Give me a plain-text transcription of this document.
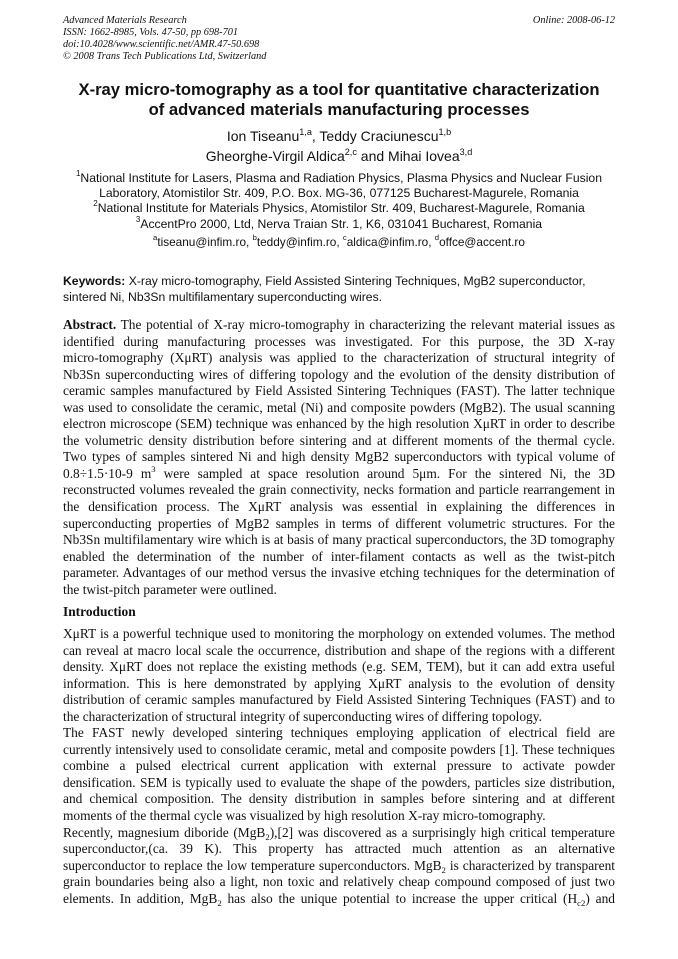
Advanced Materials Research
ISSN: 1662-8985, Vols. 47-50, pp 698-701
doi:10.4028/www.scientific.net/AMR.47-50.698
© 2008 Trans Tech Publications Ltd, Switzerland
Online: 2008-06-12
X-ray micro-tomography as a tool for quantitative characterization
of advanced materials manufacturing processes
Ion Tiseanu$^{1,a}$, Teddy Craciunescu$^{1,b}$
Gheorghe-Virgil Aldica$^{2,c}$ and Mihai Iovea$^{3,d}$
$^1$National Institute for Lasers, Plasma and Radiation Physics, Plasma Physics and Nuclear Fusion
Laboratory, Atomistilor Str. 409, P.O. Box. MG-36, 077125 Bucharest-Magurele, Romania
$^2$National Institute for Materials Physics, Atomistilor Str. 409, Bucharest-Magurele, Romania
$^3$AccentPro 2000, Ltd, Nerva Traian Str. 1, K6, 031041 Bucharest, Romania
$^a$tiseanu@infim.ro, $^b$teddy@infim.ro, $^c$aldica@infim.ro, $^d$offce@accent.ro
Keywords: X-ray micro-tomography, Field Assisted Sintering Techniques, MgB2 superconductor,
sintered Ni, Nb3Sn multifilamentary superconducting wires.
Abstract. The potential of X-ray micro-tomography in characterizing the relevant material issues as
identified during manufacturing processes was investigated. For this purpose, the 3D X-ray
micro-tomography (XμRT) analysis was applied to the characterization of structural integrity of
Nb3Sn superconducting wires of differing topology and the evolution of the density distribution of
ceramic samples manufactured by Field Assisted Sintering Techniques (FAST). The latter technique
was used to consolidate the ceramic, metal (Ni) and composite powders (MgB2). The usual scanning
electron microscope (SEM) technique was enhanced by the high resolution XμRT in order to describe
the volumetric density distribution before sintering and at different moments of the thermal cycle.
Two types of samples sintered Ni and high density MgB2 superconductors with typical volume of
0.8÷1.5·10-9 $m^3$ were sampled at space resolution around 5μm. For the sintered Ni, the 3D
reconstructed volumes revealed the grain connectivity, necks formation and particle rearrangement in
the densification process. The XμRT analysis was essential in explaining the differences in
superconducting properties of MgB2 samples in terms of different volumetric structures. For the
Nb3Sn multifilamentary wire which is at basis of many practical superconductors, the 3D tomography
enabled the determination of the number of inter-filament contacts as well as the twist-pitch
parameter. Advantages of our method versus the invasive etching techniques for the determination of
the twist-pitch parameter were outlined.
Introduction
XμRT is a powerful technique used to monitoring the morphology on extended volumes. The method
can reveal at macro local scale the occurrence, distribution and shape of the regions with a different
density. XμRT does not replace the existing methods (e.g. SEM, TEM), but it can add extra useful
information. This is here demonstrated by applying XμRT analysis to the evolution of density
distribution of ceramic samples manufactured by Field Assisted Sintering Techniques (FAST) and to
the characterization of structural integrity of superconducting wires of differing topology.
The FAST newly developed sintering techniques employing application of electrical field are
currently intensively used to consolidate ceramic, metal and composite powders [1]. These techniques
combine a pulsed electrical current application with external pressure to activate powder
densification. SEM is typically used to evaluate the shape of the powders, particles size distribution,
and chemical composition. The density distribution in samples before sintering and at different
moments of the thermal cycle was visualized by high resolution X-ray micro-tomography.
Recently, magnesium diboride (MgB$_2$),[2] was discovered as a surprisingly high critical temperature
superconductor,(ca. 39 K). This property has attracted much attention as an alternative
superconductor to replace the low temperature superconductors. MgB$_2$ is characterized by transparent
grain boundaries being also a light, non toxic and relatively cheap compound composed of just two
elements. In addition, MgB$_2$ has also the unique potential to increase the upper critical $(H_{c2})$ and
